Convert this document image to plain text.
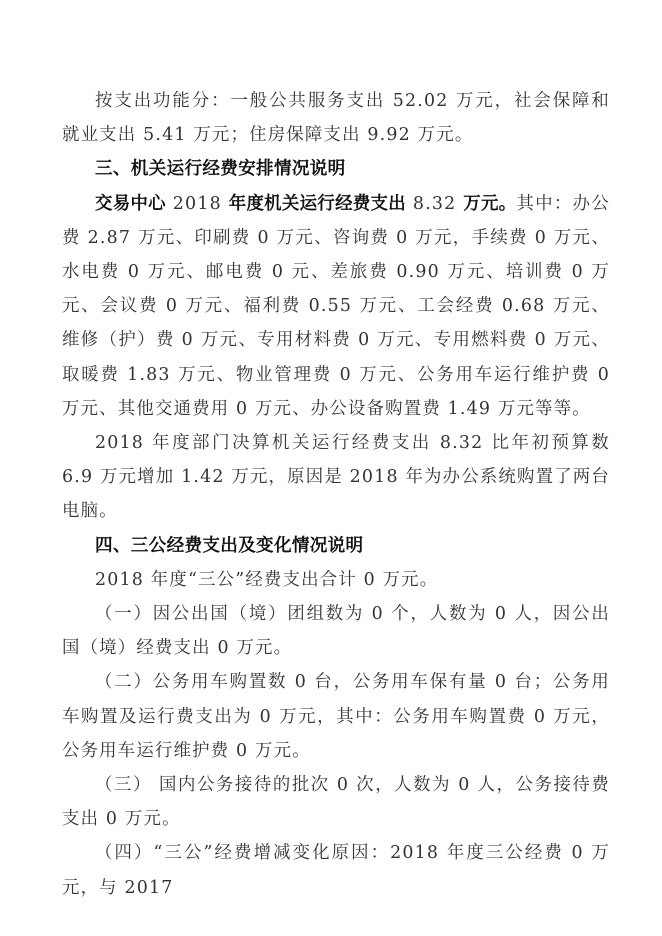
按支出功能分：一般公共服务支出 52.02 万元，社会保障和就业支出 5.41 万元；住房保障支出 9.92 万元。

三、机关运行经费安排情况说明

交易中心 2018 年度机关运行经费支出 8.32 万元。其中：办公费 2.87 万元、印刷费 0 万元、咨询费 0 万元，手续费 0 万元、水电费 0 万元、邮电费 0 元、差旅费 0.90 万元、培训费 0 万元、会议费 0 万元、福利费 0.55 万元、工会经费 0.68 万元、维修（护）费 0 万元、专用材料费 0 万元、专用燃料费 0 万元、取暖费 1.83 万元、物业管理费 0 万元、公务用车运行维护费 0 万元、其他交通费用 0 万元、办公设备购置费 1.49 万元等等。

2018 年度部门决算机关运行经费支出 8.32 比年初预算数 6.9 万元增加 1.42 万元，原因是 2018 年为办公系统购置了两台电脑。

四、三公经费支出及变化情况说明

2018 年度“三公”经费支出合计 0 万元。

（一）因公出国（境）团组数为 0 个，人数为 0 人，因公出国（境）经费支出 0 万元。

（二）公务用车购置数 0 台，公务用车保有量 0 台；公务用车购置及运行费支出为 0 万元，其中：公务用车购置费 0 万元，公务用车运行维护费 0 万元。

（三） 国内公务接待的批次 0 次，人数为 0 人，公务接待费支出 0 万元。

（四）“三公”经费增减变化原因：2018 年度三公经费 0 万元，与 2017
